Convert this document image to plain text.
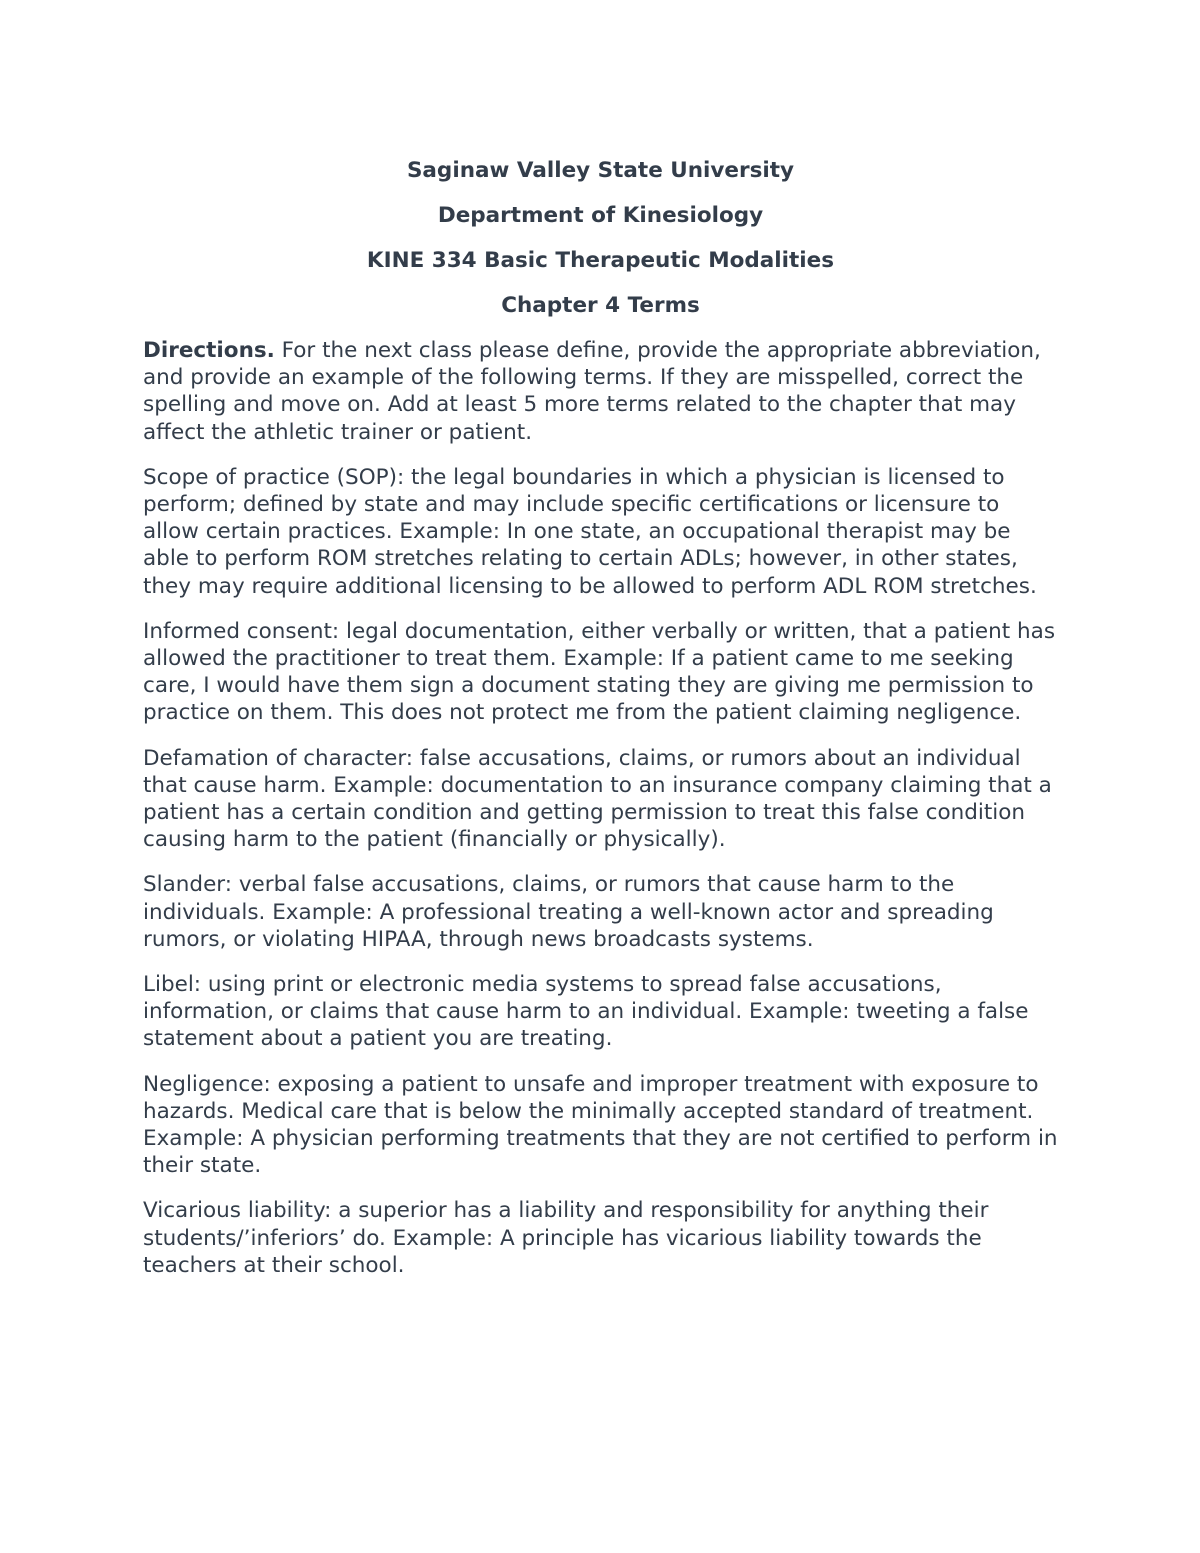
Saginaw Valley State University
Department of Kinesiology
KINE 334 Basic Therapeutic Modalities
Chapter 4 Terms
Directions. For the next class please define, provide the appropriate abbreviation, and provide an example of the following terms. If they are misspelled, correct the spelling and move on. Add at least 5 more terms related to the chapter that may affect the athletic trainer or patient.
Scope of practice (SOP): the legal boundaries in which a physician is licensed to perform; defined by state and may include specific certifications or licensure to allow certain practices. Example: In one state, an occupational therapist may be able to perform ROM stretches relating to certain ADLs; however, in other states, they may require additional licensing to be allowed to perform ADL ROM stretches.
Informed consent: legal documentation, either verbally or written, that a patient has allowed the practitioner to treat them. Example: If a patient came to me seeking care, I would have them sign a document stating they are giving me permission to practice on them. This does not protect me from the patient claiming negligence.
Defamation of character: false accusations, claims, or rumors about an individual that cause harm. Example: documentation to an insurance company claiming that a patient has a certain condition and getting permission to treat this false condition causing harm to the patient (financially or physically).
Slander: verbal false accusations, claims, or rumors that cause harm to the individuals. Example: A professional treating a well-known actor and spreading rumors, or violating HIPAA, through news broadcasts systems.
Libel: using print or electronic media systems to spread false accusations, information, or claims that cause harm to an individual. Example: tweeting a false statement about a patient you are treating.
Negligence: exposing a patient to unsafe and improper treatment with exposure to hazards. Medical care that is below the minimally accepted standard of treatment. Example: A physician performing treatments that they are not certified to perform in their state.
Vicarious liability: a superior has a liability and responsibility for anything their students/’inferiors’ do. Example: A principle has vicarious liability towards the teachers at their school.
